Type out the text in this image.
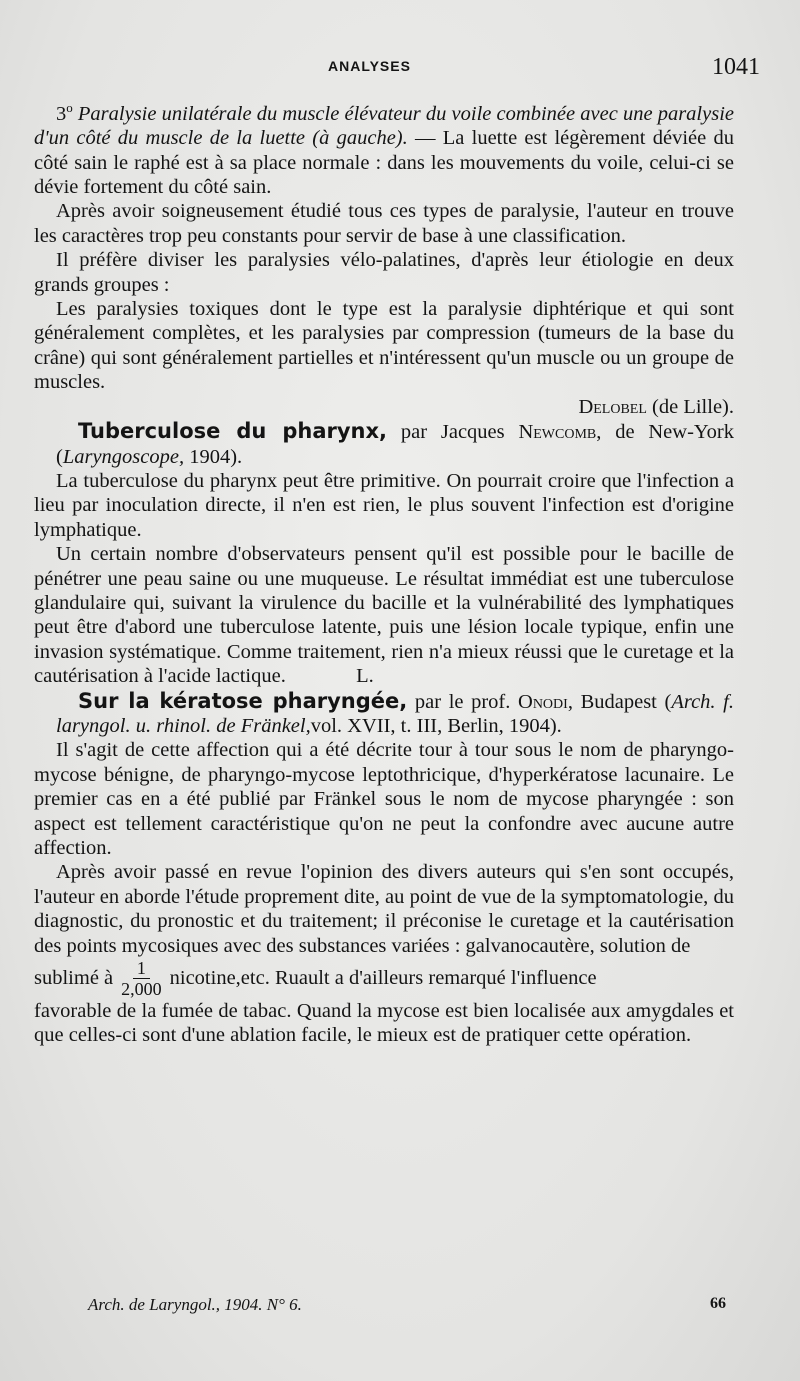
ANALYSES	1041

3$^o$ Paralysie unilatérale du muscle élévateur du voile combinée avec une paralysie d'un côté du muscle de la luette (à gauche). — La luette est légèrement déviée du côté sain le raphé est à sa place normale : dans les mouvements du voile, celui-ci se dévie fortement du côté sain.

Après avoir soigneusement étudié tous ces types de paralysie, l'auteur en trouve les caractères trop peu constants pour servir de base à une classification.

Il préfère diviser les paralysies vélo-palatines, d'après leur étiologie en deux grands groupes :

Les paralysies toxiques dont le type est la paralysie diphtérique et qui sont généralement complètes, et les paralysies par compression (tumeurs de la base du crâne) qui sont généralement partielles et n'intéressent qu'un muscle ou un groupe de muscles.

Delobel (de Lille).

Tuberculose du pharynx, par Jacques Newcomb, de New-York (Laryngoscope, 1904).

La tuberculose du pharynx peut être primitive. On pourrait croire que l'infection a lieu par inoculation directe, il n'en est rien, le plus souvent l'infection est d'origine lymphatique.

Un certain nombre d'observateurs pensent qu'il est possible pour le bacille de pénétrer une peau saine ou une muqueuse. Le résultat immédiat est une tuberculose glandulaire qui, suivant la virulence du bacille et la vulnérabilité des lymphatiques peut être d'abord une tuberculose latente, puis une lésion locale typique, enfin une invasion systématique. Comme traitement, rien n'a mieux réussi que le curetage et la cautérisation à l'acide lactique.	L.

Sur la kératose pharyngée, par le prof. Onodi, Budapest (Arch. f. laryngol. u. rhinol. de Fränkel,vol. XVII, t. III, Berlin, 1904).

Il s'agit de cette affection qui a été décrite tour à tour sous le nom de pharyngo-mycose bénigne, de pharyngo-mycose leptothricique, d'hyperkératose lacunaire. Le premier cas en a été publié par Fränkel sous le nom de mycose pharyngée : son aspect est tellement caractéristique qu'on ne peut la confondre avec aucune autre affection.

Après avoir passé en revue l'opinion des divers auteurs qui s'en sont occupés, l'auteur en aborde l'étude proprement dite, au point de vue de la symptomatologie, du diagnostic, du pronostic et du traitement; il préconise le curetage et la cautérisation des points mycosiques avec des substances variées : galvanocautère, solution de

sublimé à $\frac{1}{2,000}$ nicotine,etc. Ruault a d'ailleurs remarqué l'influence

favorable de la fumée de tabac. Quand la mycose est bien localisée aux amygdales et que celles-ci sont d'une ablation facile, le mieux est de pratiquer cette opération.

Arch. de Laryngol., 1904. N° 6.	66
